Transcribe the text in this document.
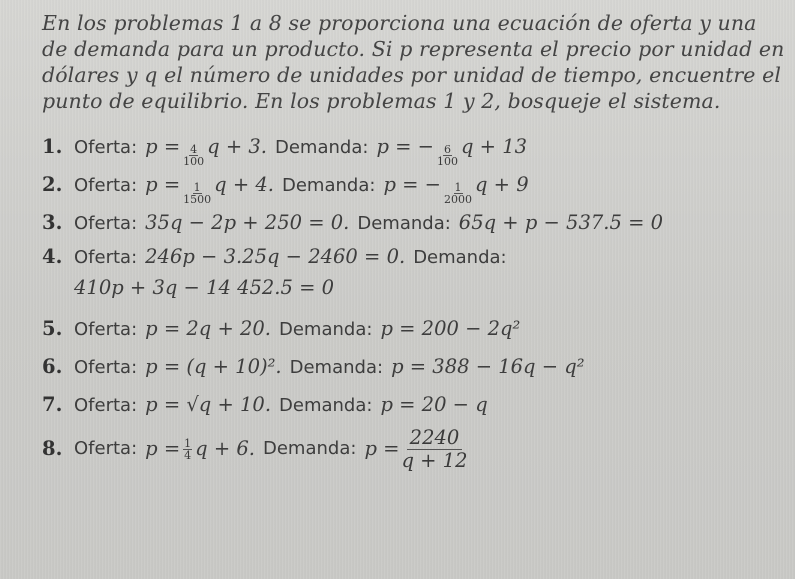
En los problemas 1 a 8 se proporciona una ecuación de oferta y una de demanda para un producto. Si p representa el precio por unidad en dólares y q el número de unidades por unidad de tiempo, encuentre el punto de equilibrio. En los problemas 1 y 2, bosqueje el sistema.

1. Oferta: $p = \frac{4}{100}$ q + 3. Demanda: p = − $\frac{6}{100}$ q + 13
2. Oferta: $p = \frac{1}{1500}$ q + 4. Demanda: p = − $\frac{1}{2000}$ q + 9
3. Oferta: 35q − 2p + 250 = 0. Demanda: 65q + p − 537.5 = 0
4. Oferta: 246p − 3.25q − 2460 = 0. Demanda:
410p + 3q − 14 452.5 = 0
5. Oferta: p = 2q + 20. Demanda: p = 200 − 2q²
6. Oferta: p = (q + 10)². Demanda: p = 388 − 16q − q²
7. Oferta: p = √q + 10. Demanda: p = 20 − q
8. Oferta: $p = \frac{1}{4}$ q + 6. Demanda: $p = \frac{2240}{q + 12}$
